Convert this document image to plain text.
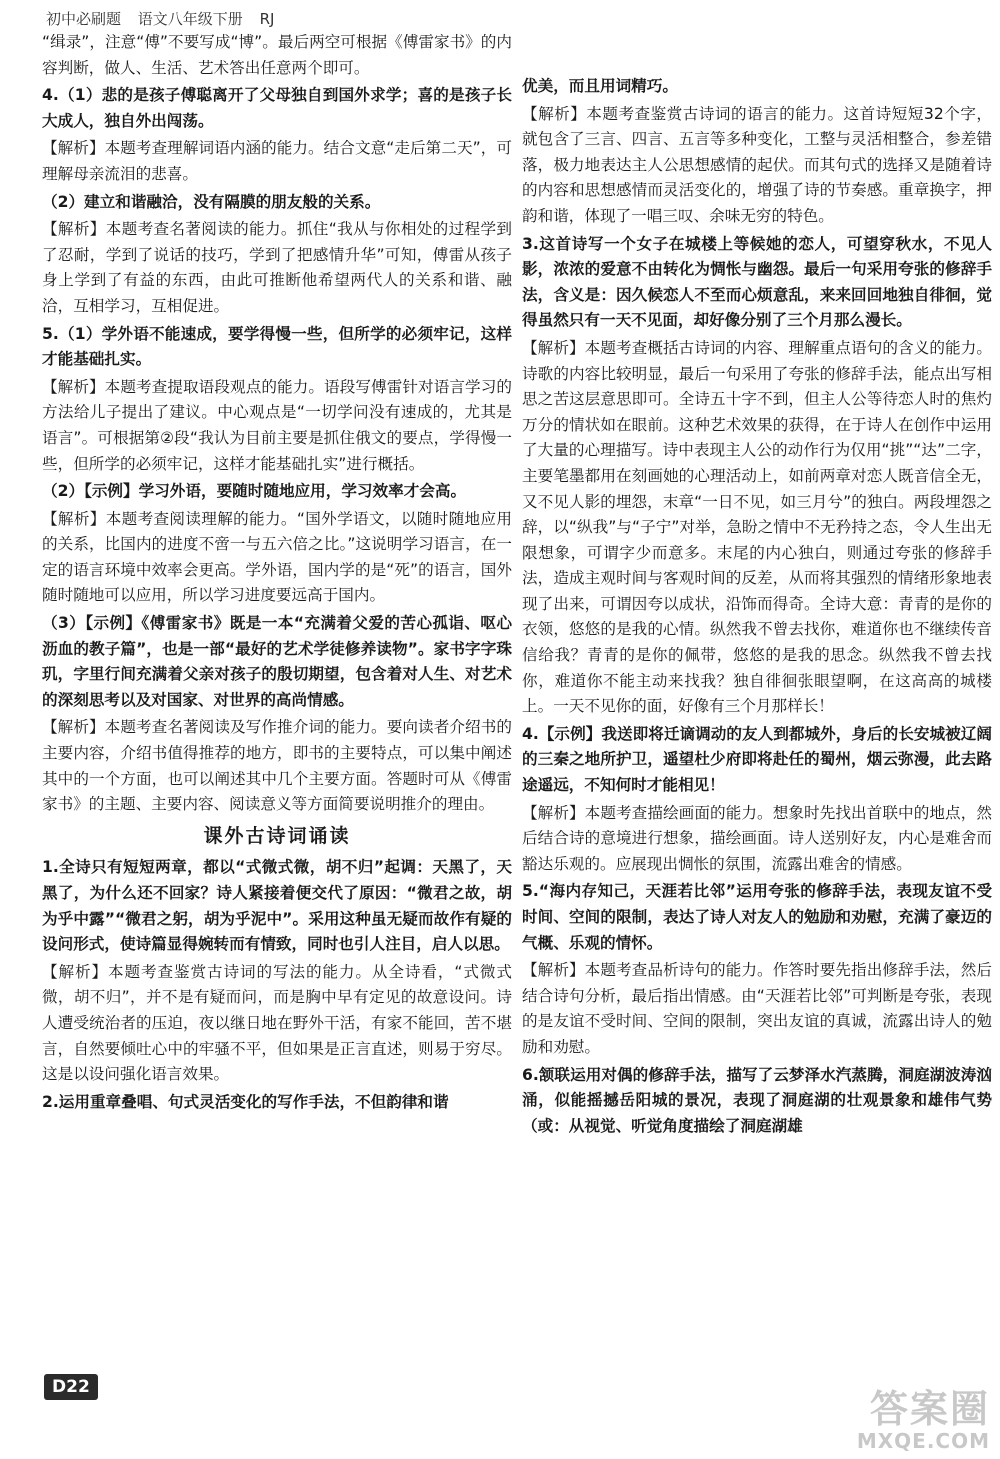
初中必刷题 语文八年级下册 RJ
“缉录”，注意“傅”不要写成“博”。最后两空可根据《傅雷家书》的内容判断，做人、生活、艺术答出任意两个即可。
4.（1）悲的是孩子傅聪离开了父母独自到国外求学；喜的是孩子长大成人，独自外出闯荡。
【解析】本题考查理解词语内涵的能力。结合文意“走后第二天”，可理解母亲流泪的悲喜。
（2）建立和谐融洽，没有隔膜的朋友般的关系。
【解析】本题考查名著阅读的能力。抓住“我从与你相处的过程学到了忍耐，学到了说话的技巧，学到了把感情升华”可知，傅雷从孩子身上学到了有益的东西，由此可推断他希望两代人的关系和谐、融洽，互相学习，互相促进。
5.（1）学外语不能速成，要学得慢一些，但所学的必须牢记，这样才能基础扎实。
【解析】本题考查提取语段观点的能力。语段写傅雷针对语言学习的方法给儿子提出了建议。中心观点是“一切学问没有速成的，尤其是语言”。可根据第②段“我认为目前主要是抓住俄文的要点，学得慢一些，但所学的必须牢记，这样才能基础扎实”进行概括。
（2）【示例】学习外语，要随时随地应用，学习效率才会高。
【解析】本题考查阅读理解的能力。“国外学语文，以随时随地应用的关系，比国内的进度不啻一与五六倍之比。”这说明学习语言，在一定的语言环境中效率会更高。学外语，国内学的是“死”的语言，国外随时随地可以应用，所以学习进度要远高于国内。
（3）【示例】《傅雷家书》既是一本“充满着父爱的苦心孤诣、呕心沥血的教子篇”，也是一部“最好的艺术学徒修养读物”。家书字字珠玑，字里行间充满着父亲对孩子的殷切期望，包含着对人生、对艺术的深刻思考以及对国家、对世界的高尚情感。
【解析】本题考查名著阅读及写作推介词的能力。要向读者介绍书的主要内容，介绍书值得推荐的地方，即书的主要特点，可以集中阐述其中的一个方面，也可以阐述其中几个主要方面。答题时可从《傅雷家书》的主题、主要内容、阅读意义等方面简要说明推介的理由。
课外古诗词诵读
1.全诗只有短短两章，都以“式微式微，胡不归”起调：天黑了，天黑了，为什么还不回家？诗人紧接着便交代了原因：“微君之故，胡为乎中露”“微君之躬，胡为乎泥中”。采用这种虽无疑而故作有疑的设问形式，使诗篇显得婉转而有情致，同时也引人注目，启人以思。
【解析】本题考查鉴赏古诗词的写法的能力。从全诗看，“式微式微，胡不归”，并不是有疑而问，而是胸中早有定见的故意设问。诗人遭受统治者的压迫，夜以继日地在野外干活，有家不能回，苦不堪言，自然要倾吐心中的牢骚不平，但如果是正言直述，则易于穷尽。这是以设问强化语言效果。
2.运用重章叠唱、句式灵活变化的写作手法，不但韵律和谐
优美，而且用词精巧。
【解析】本题考查鉴赏古诗词的语言的能力。这首诗短短32个字，就包含了三言、四言、五言等多种变化，工整与灵活相整合，参差错落，极力地表达主人公思想感情的起伏。而其句式的选择又是随着诗的内容和思想感情而灵活变化的，增强了诗的节奏感。重章换字，押韵和谐，体现了一唱三叹、余味无穷的特色。
3.这首诗写一个女子在城楼上等候她的恋人，可望穿秋水，不见人影，浓浓的爱意不由转化为惆怅与幽怨。最后一句采用夸张的修辞手法，含义是：因久候恋人不至而心烦意乱，来来回回地独自徘徊，觉得虽然只有一天不见面，却好像分别了三个月那么漫长。
【解析】本题考查概括古诗词的内容、理解重点语句的含义的能力。诗歌的内容比较明显，最后一句采用了夸张的修辞手法，能点出写相思之苦这层意思即可。全诗五十字不到，但主人公等待恋人时的焦灼万分的情状如在眼前。这种艺术效果的获得，在于诗人在创作中运用了大量的心理描写。诗中表现主人公的动作行为仅用“挑”“达”二字，主要笔墨都用在刻画她的心理活动上，如前两章对恋人既音信全无，又不见人影的埋怨，末章“一日不见，如三月兮”的独白。两段埋怨之辞，以“纵我”与“子宁”对举，急盼之情中不无矜持之态，令人生出无限想象，可谓字少而意多。末尾的内心独白，则通过夸张的修辞手法，造成主观时间与客观时间的反差，从而将其强烈的情绪形象地表现了出来，可谓因夸以成状，沿饰而得奇。全诗大意：青青的是你的衣领，悠悠的是我的心情。纵然我不曾去找你，难道你也不继续传音信给我？青青的是你的佩带，悠悠的是我的思念。纵然我不曾去找你，难道你不能主动来找我？独自徘徊张眼望啊，在这高高的城楼上。一天不见你的面，好像有三个月那样长！
4.【示例】我送即将迁谪调动的友人到都城外，身后的长安城被辽阔的三秦之地所护卫，遥望杜少府即将赴任的蜀州，烟云弥漫，此去路途遥远，不知何时才能相见！
【解析】本题考查描绘画面的能力。想象时先找出首联中的地点，然后结合诗的意境进行想象，描绘画面。诗人送别好友，内心是难舍而豁达乐观的。应展现出惆怅的氛围，流露出难舍的情感。
5.“海内存知己，天涯若比邻”运用夸张的修辞手法，表现友谊不受时间、空间的限制，表达了诗人对友人的勉励和劝慰，充满了豪迈的气概、乐观的情怀。
【解析】本题考查品析诗句的能力。作答时要先指出修辞手法，然后结合诗句分析，最后指出情感。由“天涯若比邻”可判断是夸张，表现的是友谊不受时间、空间的限制，突出友谊的真诚，流露出诗人的勉励和劝慰。
6.颔联运用对偶的修辞手法，描写了云梦泽水汽蒸腾，洞庭湖波涛汹涌，似能摇撼岳阳城的景况，表现了洞庭湖的壮观景象和雄伟气势（或：从视觉、听觉角度描绘了洞庭湖雄
D22	答案圈
MXQE.COM
